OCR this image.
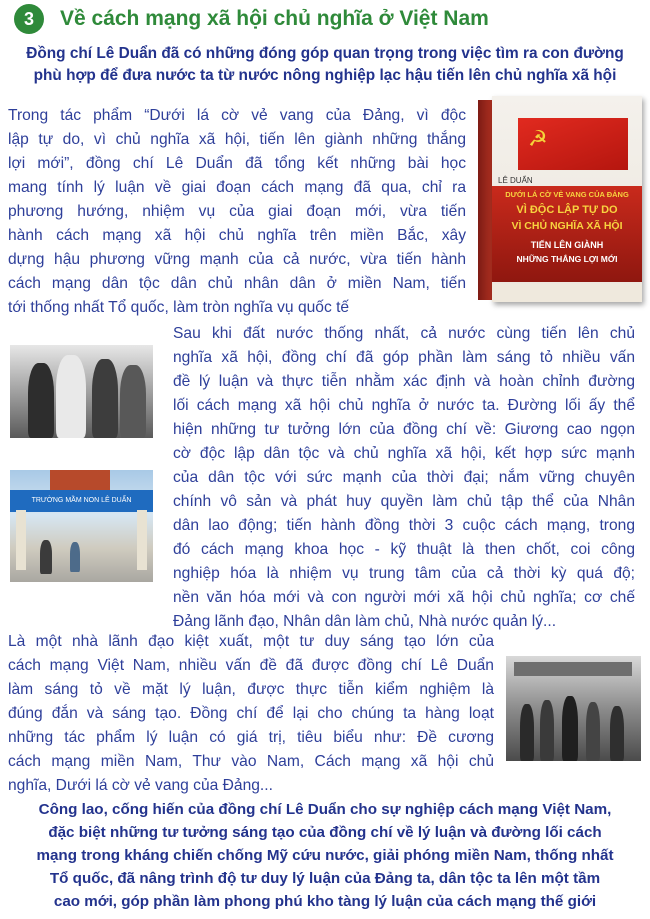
3	Về cách mạng xã hội chủ nghĩa ở Việt Nam
Đồng chí Lê Duẩn đã có những đóng góp quan trọng trong việc tìm ra con đường
phù hợp để đưa nước ta từ nước nông nghiệp lạc hậu tiến lên chủ nghĩa xã hội
Trong tác phẩm “Dưới lá cờ vẻ vang của Đảng, vì độc
lập tự do, vì chủ nghĩa xã hội, tiến lên giành những thắng
lợi mới”, đồng chí Lê Duẩn đã tổng kết những bài học
mang tính lý luận về giai đoạn cách mạng đã qua, chỉ ra
phương hướng, nhiệm vụ của giai đoạn mới, vừa tiến
hành cách mạng xã hội chủ nghĩa trên miền Bắc, xây
dựng hậu phương vững mạnh của cả nước, vừa tiến hành
cách mạng dân tộc dân chủ nhân dân ở miền Nam, tiến
tới thống nhất Tổ quốc, làm tròn nghĩa vụ quốc tế
☭
LÊ DUẨN
DƯỚI LÁ CỜ VẺ VANG CỦA ĐẢNG
VÌ ĐỘC LẬP TỰ DO
VÌ CHỦ NGHĨA XÃ HỘI
TIẾN LÊN GIÀNH
NHỮNG THẮNG LỢI MỚI
Sau khi đất nước thống nhất, cả nước cùng tiến lên chủ
nghĩa xã hội, đồng chí đã góp phần làm sáng tỏ nhiều vấn
đề lý luận và thực tiễn nhằm xác định và hoàn chỉnh đường
lối cách mạng xã hội chủ nghĩa ở nước ta. Đường lối ấy thể
hiện những tư tưởng lớn của đồng chí về: Giương cao ngọn
cờ độc lập dân tộc và chủ nghĩa xã hội, kết hợp sức mạnh
của dân tộc với sức mạnh của thời đại; nắm vững chuyên
chính vô sản và phát huy quyền làm chủ tập thể của Nhân
dân lao động; tiến hành đồng thời 3 cuộc cách mạng, trong
đó cách mạng khoa học - kỹ thuật là then chốt, coi công
nghiệp hóa là nhiệm vụ trung tâm của cả thời kỳ quá độ;
nền văn hóa mới và con người mới xã hội chủ nghĩa; cơ chế
Đảng lãnh đạo, Nhân dân làm chủ, Nhà nước quản lý...
TRƯỜNG MẦM NON LÊ DUẨN
Là một nhà lãnh đạo kiệt xuất, một tư duy sáng tạo lớn của
cách mạng Việt Nam, nhiều vấn đề đã được đồng chí Lê Duẩn
làm sáng tỏ về mặt lý luận, được thực tiễn kiểm nghiệm là
đúng đắn và sáng tạo. Đồng chí để lại cho chúng ta hàng loạt
những tác phẩm lý luận có giá trị, tiêu biểu như: Đề cương
cách mạng miền Nam, Thư vào Nam, Cách mạng xã hội chủ
nghĩa, Dưới lá cờ vẻ vang của Đảng...
Công lao, cống hiến của đồng chí Lê Duẩn cho sự nghiệp cách mạng Việt Nam,
đặc biệt những tư tưởng sáng tạo của đồng chí về lý luận và đường lối cách
mạng trong kháng chiến chống Mỹ cứu nước, giải phóng miền Nam, thống nhất
Tổ quốc, đã nâng trình độ tư duy lý luận của Đảng ta, dân tộc ta lên một tầm
cao mới, góp phần làm phong phú kho tàng lý luận của cách mạng thế giới
